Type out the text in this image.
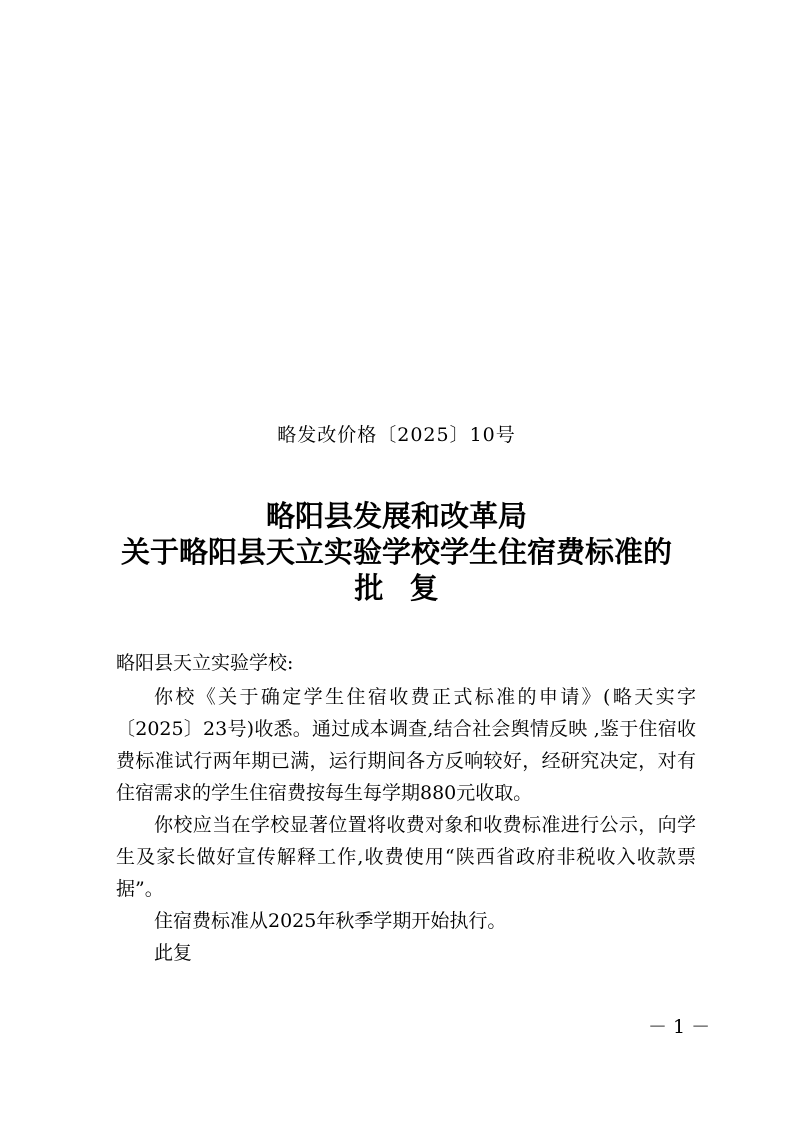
略发改价格〔2025〕10号
略阳县发展和改革局
关于略阳县天立实验学校学生住宿费标准的
批复
略阳县天立实验学校:

你校《关于确定学生住宿收费正式标准的申请》(略天实字〔2025〕23号)收悉。通过成本调查,结合社会舆情反映 ,鉴于住宿收费标准试行两年期已满，运行期间各方反响较好，经研究决定，对有住宿需求的学生住宿费按每生每学期880元收取。

你校应当在学校显著位置将收费对象和收费标准进行公示，向学生及家长做好宣传解释工作,收费使用“陕西省政府非税收入收款票据”。

住宿费标准从2025年秋季学期开始执行。

此复

－ 1 －
